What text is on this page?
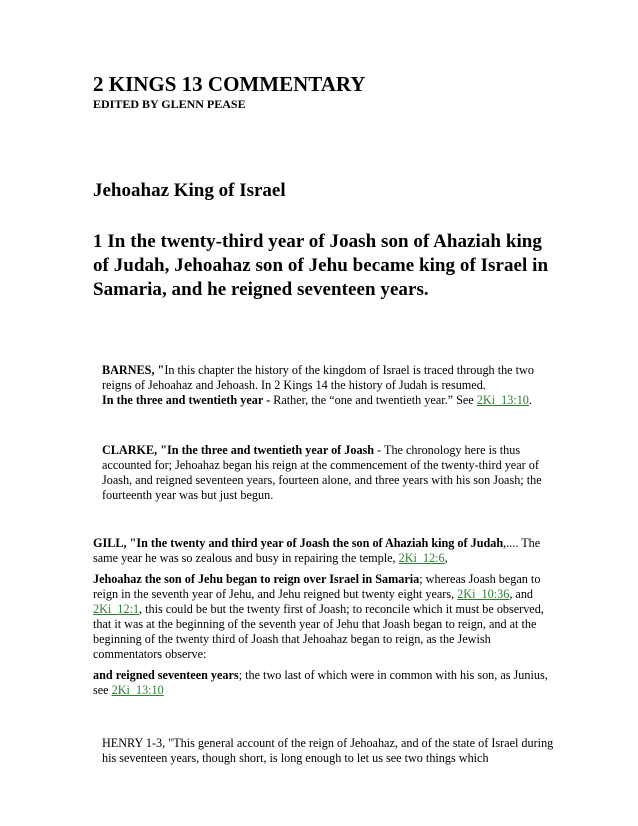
2 KINGS 13 COMMENTARY
EDITED BY GLENN PEASE
Jehoahaz King of Israel
1 In the twenty-third year of Joash son of Ahaziah king of Judah, Jehoahaz son of Jehu became king of Israel in Samaria, and he reigned seventeen years.

BARNES, "In this chapter the history of the kingdom of Israel is traced through the two reigns of Jehoahaz and Jehoash. In 2 Kings 14 the history of Judah is resumed.

In the three and twentieth year - Rather, the “one and twentieth year.” See 2Ki_13:10.

CLARKE, "In the three and twentieth year of Joash - The chronology here is thus accounted for; Jehoahaz began his reign at the commencement of the twenty-third year of Joash, and reigned seventeen years, fourteen alone, and three years with his son Joash; the fourteenth year was but just begun.

GILL, "In the twenty and third year of Joash the son of Ahaziah king of Judah,.... The same year he was so zealous and busy in repairing the temple, 2Ki_12:6,

Jehoahaz the son of Jehu began to reign over Israel in Samaria; whereas Joash began to reign in the seventh year of Jehu, and Jehu reigned but twenty eight years, 2Ki_10:36, and 2Ki_12:1, this could be but the twenty first of Joash; to reconcile which it must be observed, that it was at the beginning of the seventh year of Jehu that Joash began to reign, and at the beginning of the twenty third of Joash that Jehoahaz began to reign, as the Jewish commentators observe:

and reigned seventeen years; the two last of which were in common with his son, as Junius, see 2Ki_13:10

HENRY 1-3, "This general account of the reign of Jehoahaz, and of the state of Israel during his seventeen years, though short, is long enough to let us see two things which
